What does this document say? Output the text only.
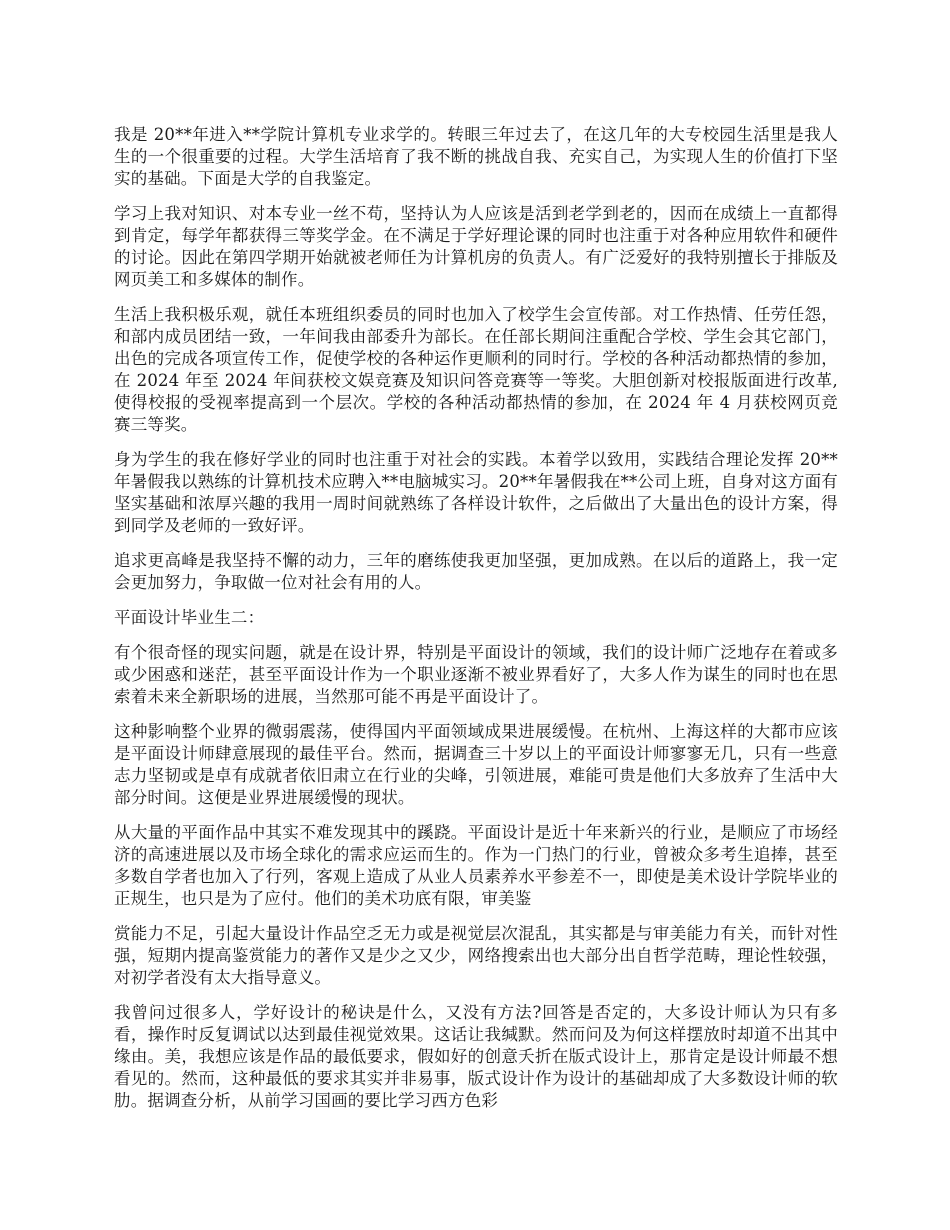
我是 20**年进入**学院计算机专业求学的。转眼三年过去了，在这几年的大专校园生活里是我人生的一个很重要的过程。大学生活培育了我不断的挑战自我、充实自己，为实现人生的价值打下坚实的基础。下面是大学的自我鉴定。

学习上我对知识、对本专业一丝不苟，坚持认为人应该是活到老学到老的，因而在成绩上一直都得到肯定，每学年都获得三等奖学金。在不满足于学好理论课的同时也注重于对各种应用软件和硬件的讨论。因此在第四学期开始就被老师任为计算机房的负责人。有广泛爱好的我特别擅长于排版及网页美工和多媒体的制作。

生活上我积极乐观，就任本班组织委员的同时也加入了校学生会宣传部。对工作热情、任劳任怨，和部内成员团结一致，一年间我由部委升为部长。在任部长期间注重配合学校、学生会其它部门，出色的完成各项宣传工作，促使学校的各种运作更顺利的同时行。学校的各种活动都热情的参加，在 2024 年至 2024 年间获校文娱竞赛及知识问答竞赛等一等奖。大胆创新对校报版面进行改革,使得校报的受视率提高到一个层次。学校的各种活动都热情的参加，在 2024 年 4 月获校网页竞赛三等奖。

身为学生的我在修好学业的同时也注重于对社会的实践。本着学以致用，实践结合理论发挥 20**年暑假我以熟练的计算机技术应聘入**电脑城实习。20**年暑假我在**公司上班，自身对这方面有坚实基础和浓厚兴趣的我用一周时间就熟练了各样设计软件，之后做出了大量出色的设计方案，得到同学及老师的一致好评。

追求更高峰是我坚持不懈的动力，三年的磨练使我更加坚强，更加成熟。在以后的道路上，我一定会更加努力，争取做一位对社会有用的人。

平面设计毕业生二：

有个很奇怪的现实问题，就是在设计界，特别是平面设计的领域，我们的设计师广泛地存在着或多或少困惑和迷茫，甚至平面设计作为一个职业逐渐不被业界看好了，大多人作为谋生的同时也在思索着未来全新职场的进展，当然那可能不再是平面设计了。

这种影响整个业界的微弱震荡，使得国内平面领域成果进展缓慢。在杭州、上海这样的大都市应该是平面设计师肆意展现的最佳平台。然而，据调查三十岁以上的平面设计师寥寥无几，只有一些意志力坚韧或是卓有成就者依旧肃立在行业的尖峰，引领进展，难能可贵是他们大多放弃了生活中大部分时间。这便是业界进展缓慢的现状。

从大量的平面作品中其实不难发现其中的蹊跷。平面设计是近十年来新兴的行业，是顺应了市场经济的高速进展以及市场全球化的需求应运而生的。作为一门热门的行业，曾被众多考生追捧，甚至多数自学者也加入了行列，客观上造成了从业人员素养水平参差不一，即使是美术设计学院毕业的正规生，也只是为了应付。他们的美术功底有限，审美鉴

赏能力不足，引起大量设计作品空乏无力或是视觉层次混乱，其实都是与审美能力有关，而针对性强，短期内提高鉴赏能力的著作又是少之又少，网络搜索出也大部分出自哲学范畴，理论性较强，对初学者没有太大指导意义。

我曾问过很多人，学好设计的秘诀是什么，又没有方法?回答是否定的，大多设计师认为只有多看，操作时反复调试以达到最佳视觉效果。这话让我缄默。然而问及为何这样摆放时却道不出其中缘由。美，我想应该是作品的最低要求，假如好的创意夭折在版式设计上，那肯定是设计师最不想看见的。然而，这种最低的要求其实并非易事，版式设计作为设计的基础却成了大多数设计师的软肋。据调查分析，从前学习国画的要比学习西方色彩
